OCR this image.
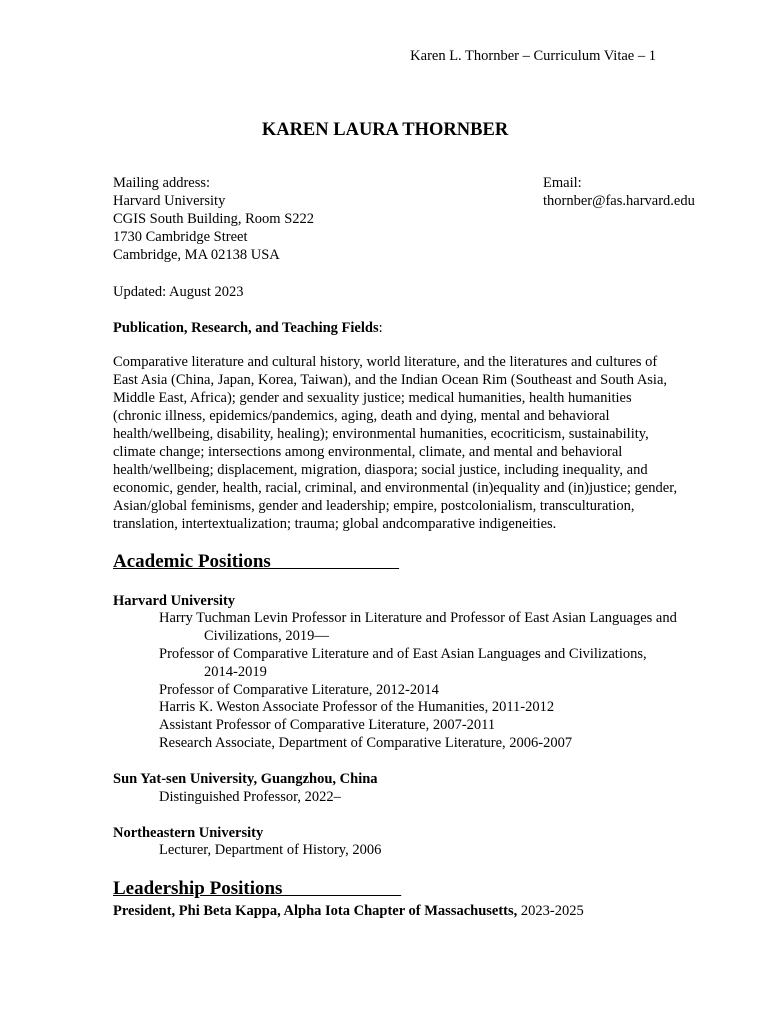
Karen L. Thornber – Curriculum Vitae – 1
KAREN LAURA THORNBER
Mailing address:
Harvard University
CGIS South Building, Room S222
1730 Cambridge Street
Cambridge, MA 02138 USA
Email:
thornber@fas.harvard.edu
Updated: August 2023
Publication, Research, and Teaching Fields:
Comparative literature and cultural history, world literature, and the literatures and cultures of
East Asia (China, Japan, Korea, Taiwan), and the Indian Ocean Rim (Southeast and South Asia,
Middle East, Africa); gender and sexuality justice; medical humanities, health humanities
(chronic illness, epidemics/pandemics, aging, death and dying, mental and behavioral
health/wellbeing, disability, healing); environmental humanities, ecocriticism, sustainability,
climate change; intersections among environmental, climate, and mental and behavioral
health/wellbeing; displacement, migration, diaspora; social justice, including inequality, and
economic, gender, health, racial, criminal, and environmental (in)equality and (in)justice; gender,
Asian/global feminisms, gender and leadership; empire, postcolonialism, transculturation,
translation, intertextualization; trauma; global andcomparative indigeneities.
Academic Positions
Harvard University
Harry Tuchman Levin Professor in Literature and Professor of East Asian Languages and
Civilizations, 2019—
Professor of Comparative Literature and of East Asian Languages and Civilizations,
2014-2019
Professor of Comparative Literature, 2012-2014
Harris K. Weston Associate Professor of the Humanities, 2011-2012
Assistant Professor of Comparative Literature, 2007-2011
Research Associate, Department of Comparative Literature, 2006-2007
Sun Yat-sen University, Guangzhou, China
Distinguished Professor, 2022–
Northeastern University
Lecturer, Department of History, 2006
Leadership Positions
President, Phi Beta Kappa, Alpha Iota Chapter of Massachusetts, 2023-2025
